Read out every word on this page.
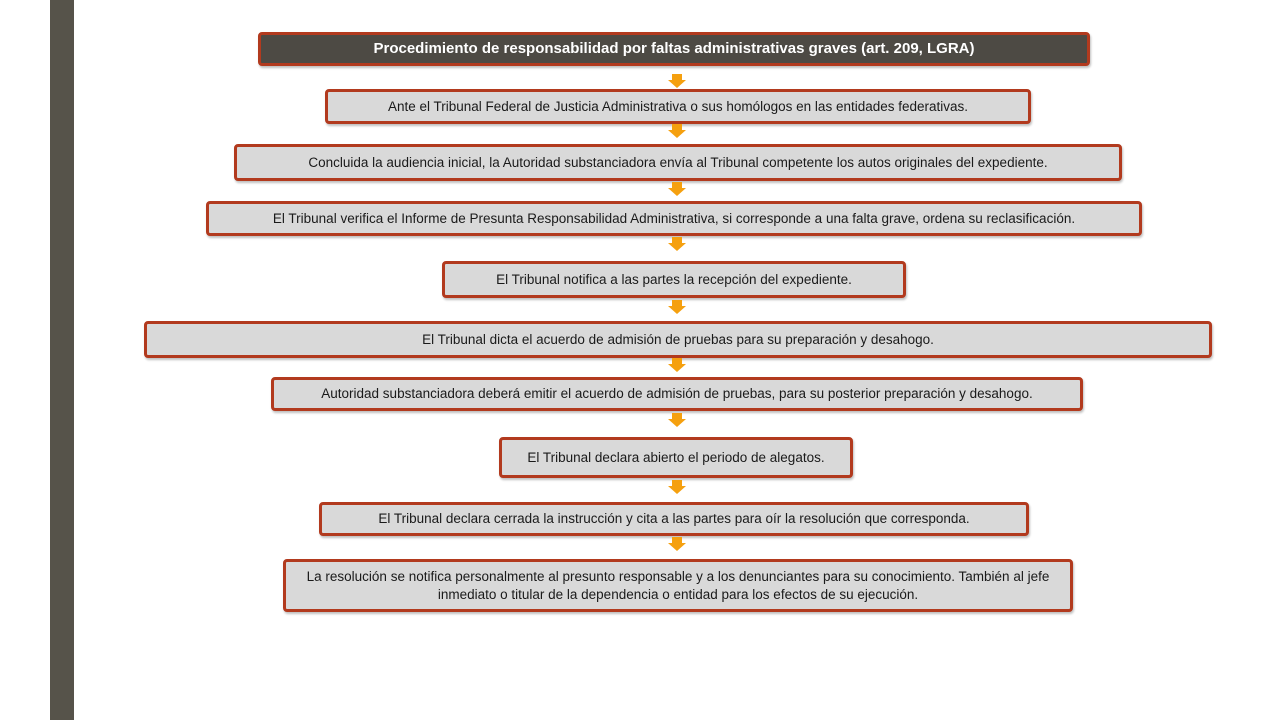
Procedimiento de responsabilidad por faltas administrativas graves (art. 209, LGRA)
Ante el Tribunal Federal de Justicia Administrativa o sus homólogos en las entidades federativas.
Concluida la audiencia inicial, la Autoridad substanciadora envía al Tribunal competente los autos originales del expediente.
El Tribunal verifica el Informe de Presunta Responsabilidad Administrativa, si corresponde a una falta grave, ordena su reclasificación.
El Tribunal notifica a las partes la recepción del expediente.
El Tribunal dicta el acuerdo de admisión de pruebas para su preparación y desahogo.
Autoridad substanciadora deberá emitir el acuerdo de admisión de pruebas, para su posterior preparación y desahogo.
El Tribunal declara abierto el periodo de alegatos.
El Tribunal declara cerrada la instrucción y cita a las partes para oír la resolución que corresponda.
La resolución se notifica personalmente al presunto responsable y a los denunciantes para su conocimiento. También al jefe inmediato o titular de la dependencia o entidad para los efectos de su ejecución.
